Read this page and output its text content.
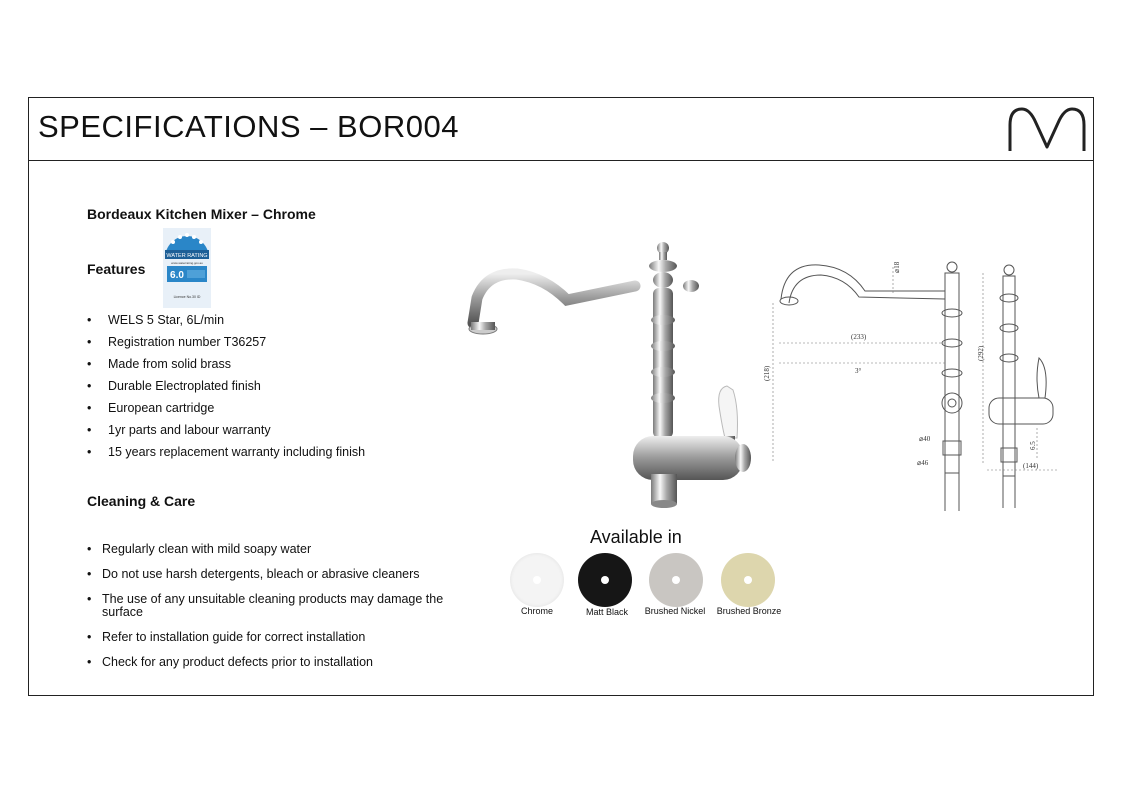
SPECIFICATIONS – BOR004
Bordeaux Kitchen Mixer – Chrome
Features
WATER RATING
www.waterrating.gov.au
6.0
Licence No.30 ID
• WELS 5 Star, 6L/min
• Registration number T36257
• Made from solid brass
• Durable Electroplated finish
• European cartridge
• 1yr parts and labour warranty
• 15 years replacement warranty including finish
Cleaning & Care
• Regularly clean with mild soapy water
• Do not use harsh detergents, bleach or abrasive cleaners
• The use of any unsuitable cleaning products may damage the surface
• Refer to installation guide for correct installation
• Check for any product defects prior to installation
⌀18
(233)
3°
(218)
(292)
⌀40
⌀46
6.5
(144)
Available in
Chrome	Matt Black	Brushed Nickel	Brushed Bronze
